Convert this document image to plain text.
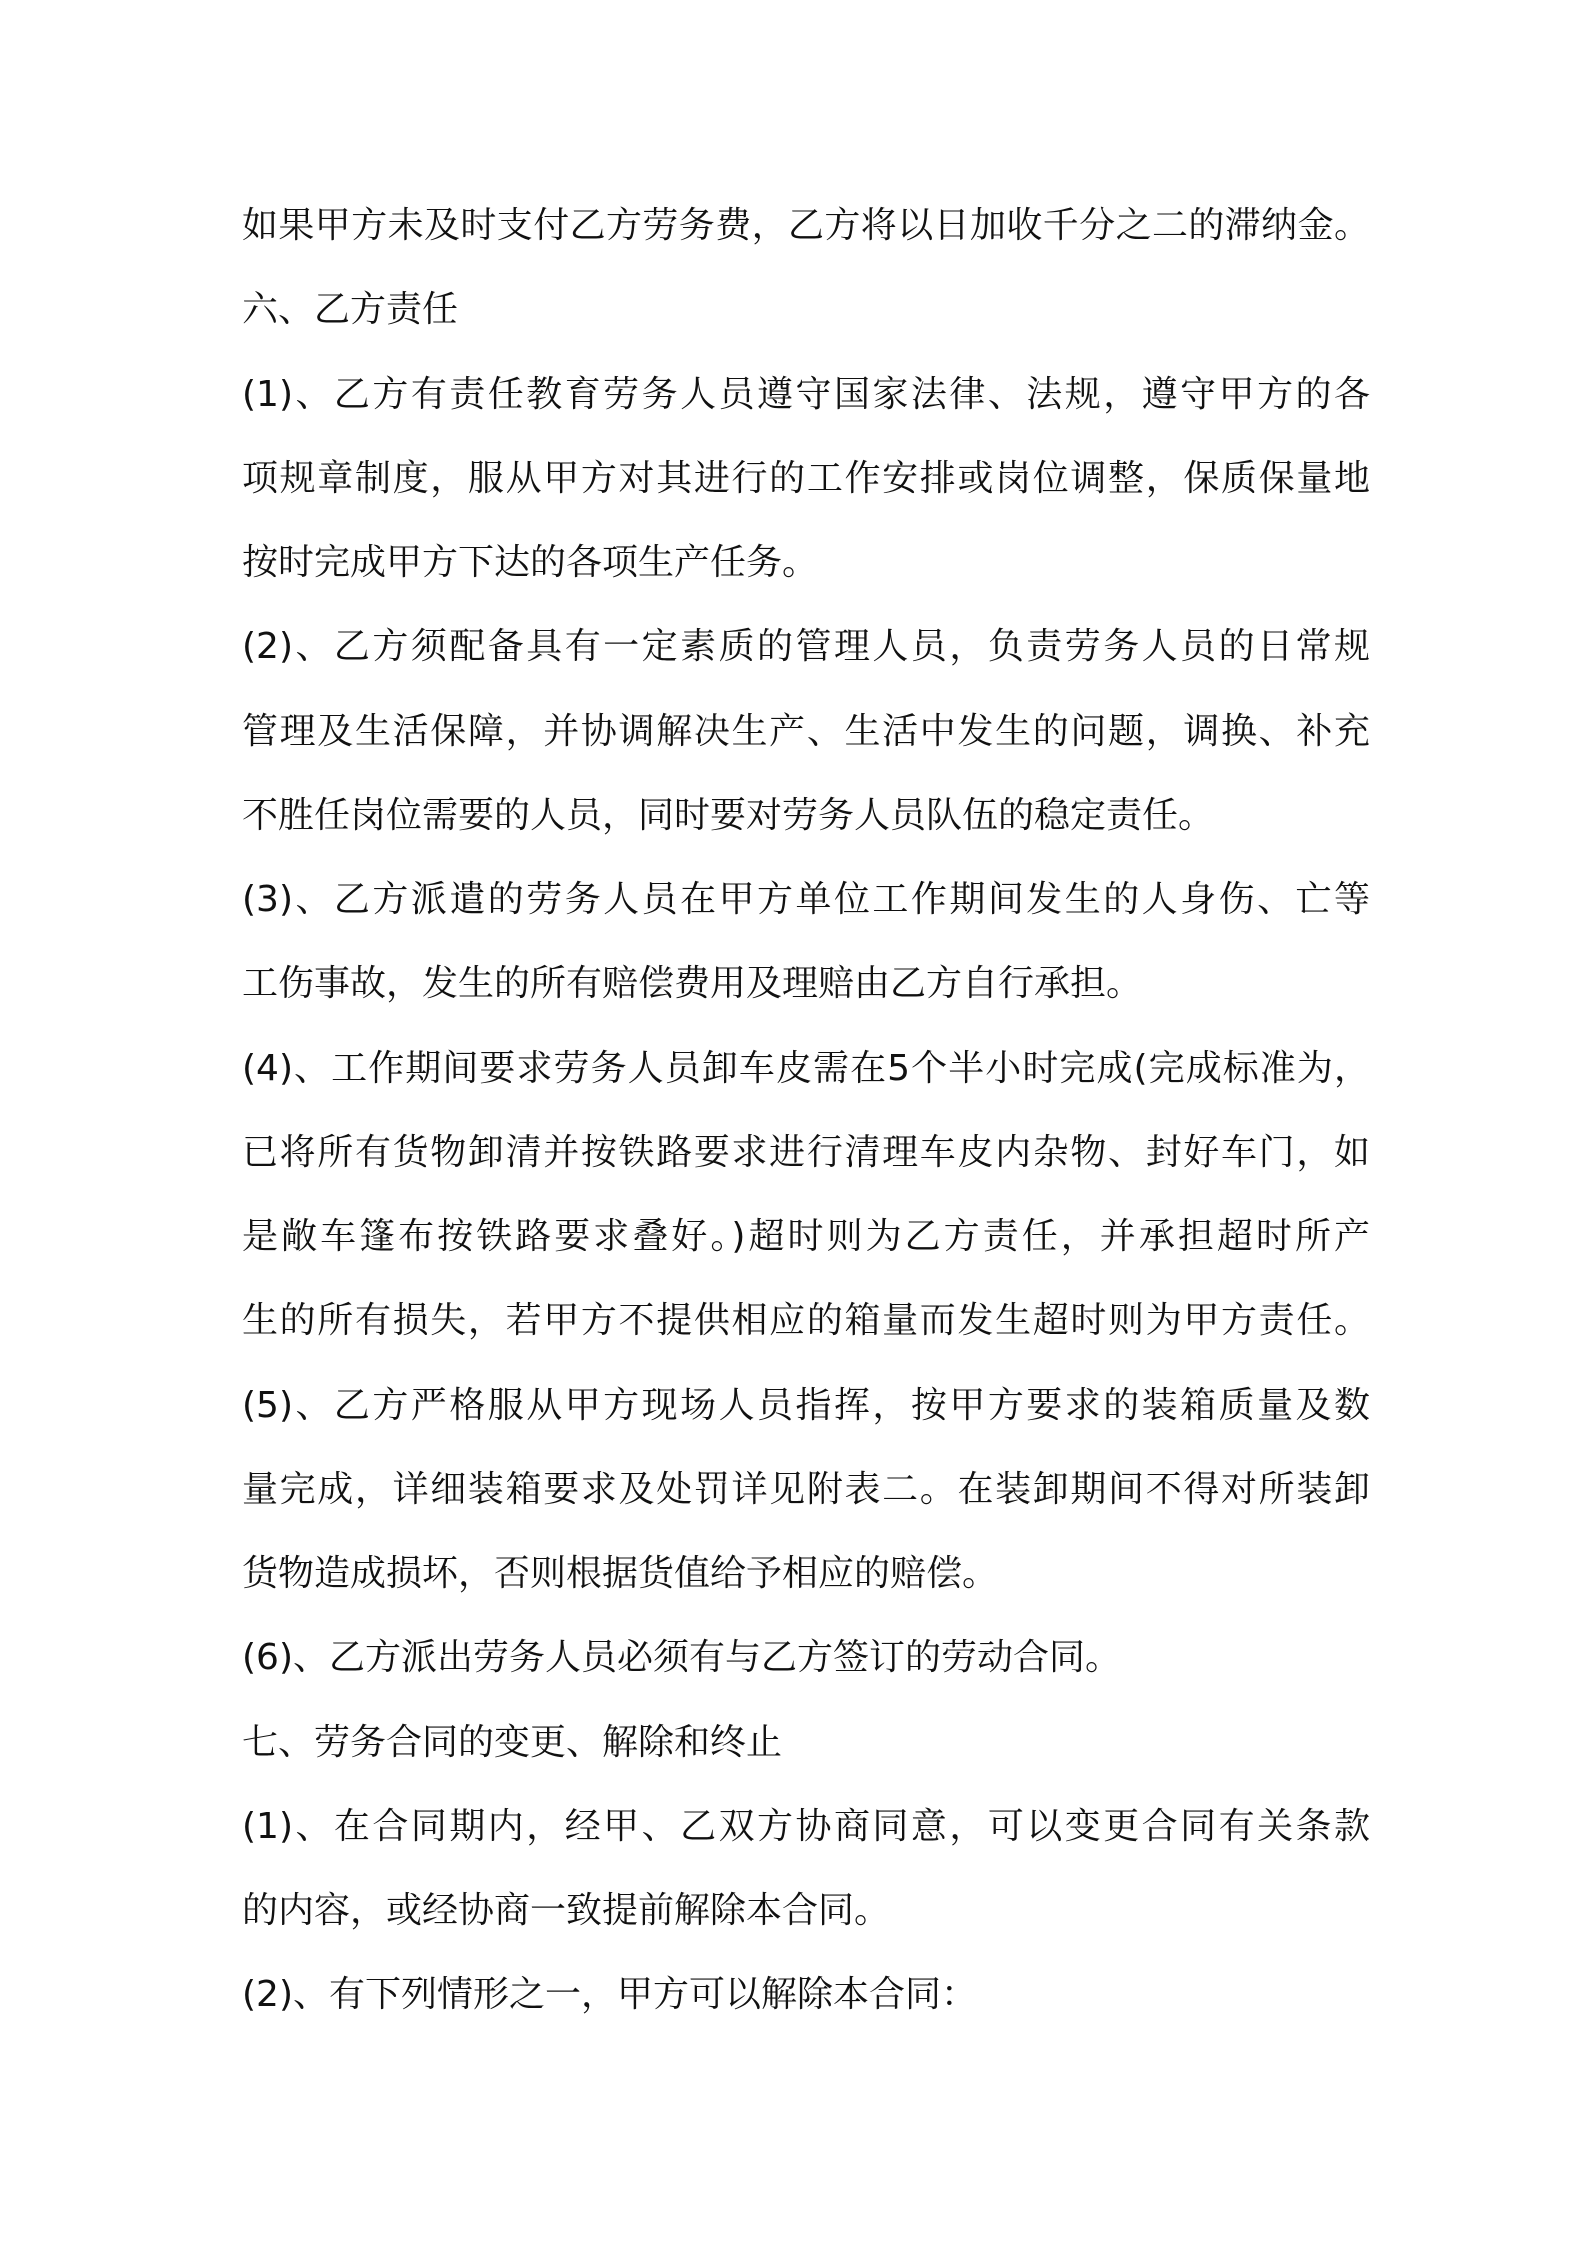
如果甲方未及时支付乙方劳务费，乙方将以日加收千分之二的滞纳金。
六、乙方责任
(1)、乙方有责任教育劳务人员遵守国家法律、法规，遵守甲方的各
项规章制度，服从甲方对其进行的工作安排或岗位调整，保质保量地
按时完成甲方下达的各项生产任务。
(2)、乙方须配备具有一定素质的管理人员，负责劳务人员的日常规
管理及生活保障，并协调解决生产、生活中发生的问题，调换、补充
不胜任岗位需要的人员，同时要对劳务人员队伍的稳定责任。
(3)、乙方派遣的劳务人员在甲方单位工作期间发生的人身伤、亡等
工伤事故，发生的所有赔偿费用及理赔由乙方自行承担。
(4)、工作期间要求劳务人员卸车皮需在5个半小时完成(完成标准为，
已将所有货物卸清并按铁路要求进行清理车皮内杂物、封好车门，如
是敞车篷布按铁路要求叠好。)超时则为乙方责任，并承担超时所产
生的所有损失，若甲方不提供相应的箱量而发生超时则为甲方责任。
(5)、乙方严格服从甲方现场人员指挥，按甲方要求的装箱质量及数
量完成，详细装箱要求及处罚详见附表二。在装卸期间不得对所装卸
货物造成损坏，否则根据货值给予相应的赔偿。
(6)、乙方派出劳务人员必须有与乙方签订的劳动合同。
七、劳务合同的变更、解除和终止
(1)、在合同期内，经甲、乙双方协商同意，可以变更合同有关条款
的内容，或经协商一致提前解除本合同。
(2)、有下列情形之一，甲方可以解除本合同：
